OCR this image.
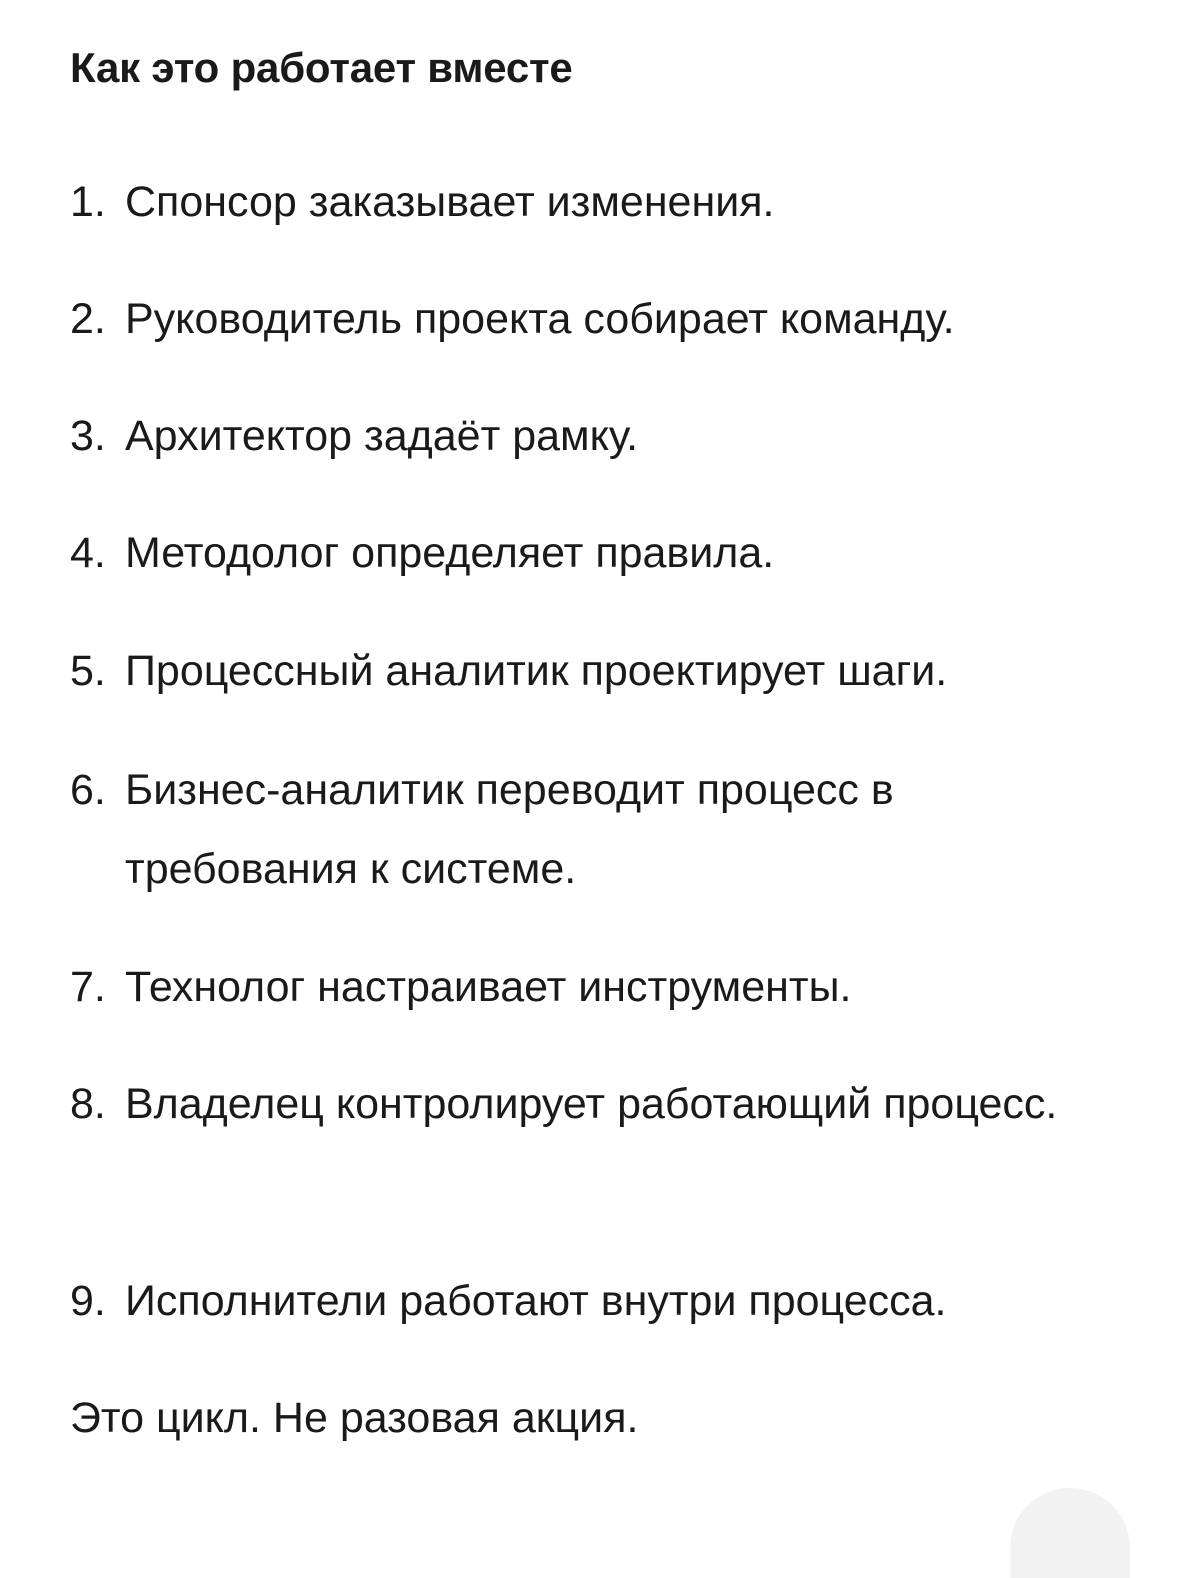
Как это работает вместе
1. Спонсор заказывает изменения.
2. Руководитель проекта собирает команду.
3. Архитектор задаёт рамку.
4. Методолог определяет правила.
5. Процессный аналитик проектирует шаги.
6. Бизнес-аналитик переводит процесс в требования к системе.
7. Технолог настраивает инструменты.
8. Владелец контролирует работающий процесс.
9. Исполнители работают внутри процесса.

Это цикл. Не разовая акция.
